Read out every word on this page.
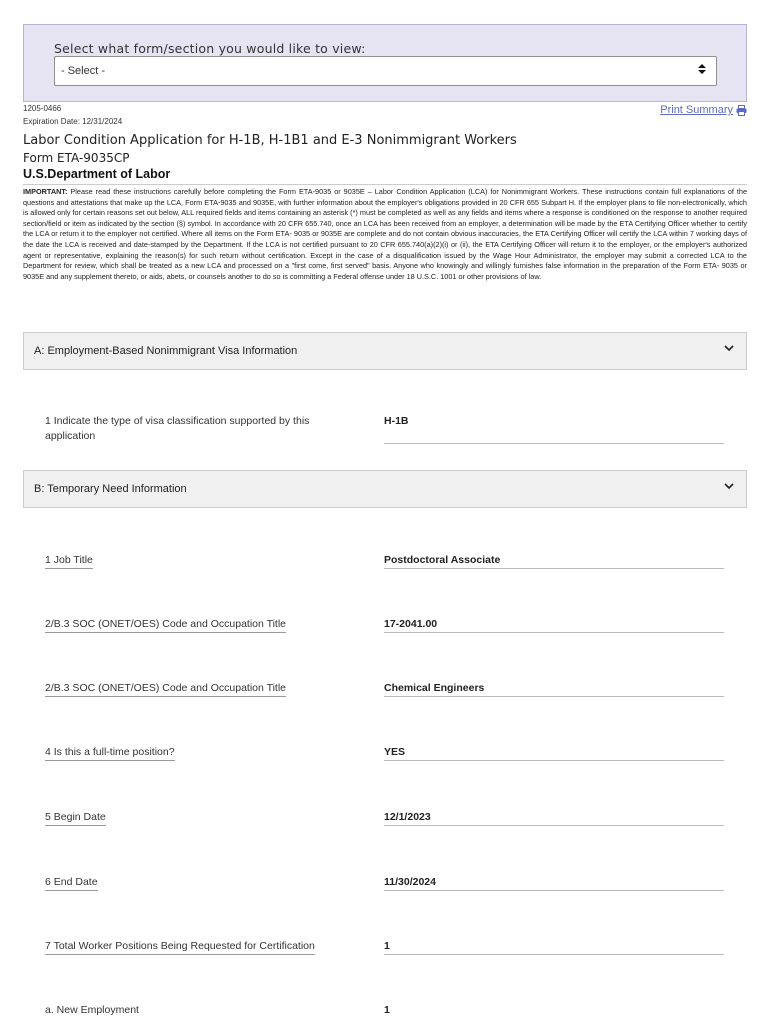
Select what form/section you would like to view:
- Select -
1205-0466
Expiration Date: 12/31/2024
Print Summary
Labor Condition Application for H-1B, H-1B1 and E-3 Nonimmigrant Workers
Form ETA-9035CP
U.S.Department of Labor
IMPORTANT: Please read these instructions carefully before completing the Form ETA-9035 or 9035E – Labor Condition Application (LCA) for Nonimmigrant Workers. These instructions contain full explanations of the questions and attestations that make up the LCA, Form ETA-9035 and 9035E, with further information about the employer's obligations provided in 20 CFR 655 Subpart H. If the employer plans to file non-electronically, which is allowed only for certain reasons set out below, ALL required fields and items containing an asterisk (*) must be completed as well as any fields and items where a response is conditioned on the response to another required section/field or item as indicated by the section (§) symbol. In accordance with 20 CFR 655.740, once an LCA has been received from an employer, a determination will be made by the ETA Certifying Officer whether to certify the LCA or return it to the employer not certified. Where all items on the Form ETA- 9035 or 9035E are complete and do not contain obvious inaccuracies, the ETA Certifying Officer will certify the LCA within 7 working days of the date the LCA is received and date-stamped by the Department. If the LCA is not certified pursuant to 20 CFR 655.740(a)(2)(i) or (ii), the ETA Certifying Officer will return it to the employer, or the employer's authorized agent or representative, explaining the reason(s) for such return without certification. Except in the case of a disqualification issued by the Wage Hour Administrator, the employer may submit a corrected LCA to the Department for review, which shall be treated as a new LCA and processed on a "first come, first served" basis. Anyone who knowingly and willingly furnishes false information in the preparation of the Form ETA- 9035 or 9035E and any supplement thereto, or aids, abets, or counsels another to do so is committing a Federal offense under 18 U.S.C. 1001 or other provisions of law.
A: Employment-Based Nonimmigrant Visa Information
1 Indicate the type of visa classification supported by this application
H-1B
B: Temporary Need Information
1 Job Title	Postdoctoral Associate
2/B.3 SOC (ONET/OES) Code and Occupation Title	17-2041.00
2/B.3 SOC (ONET/OES) Code and Occupation Title	Chemical Engineers
4 Is this a full-time position?	YES
5 Begin Date	12/1/2023
6 End Date	11/30/2024
7 Total Worker Positions Being Requested for Certification	1
a. New Employment	1
